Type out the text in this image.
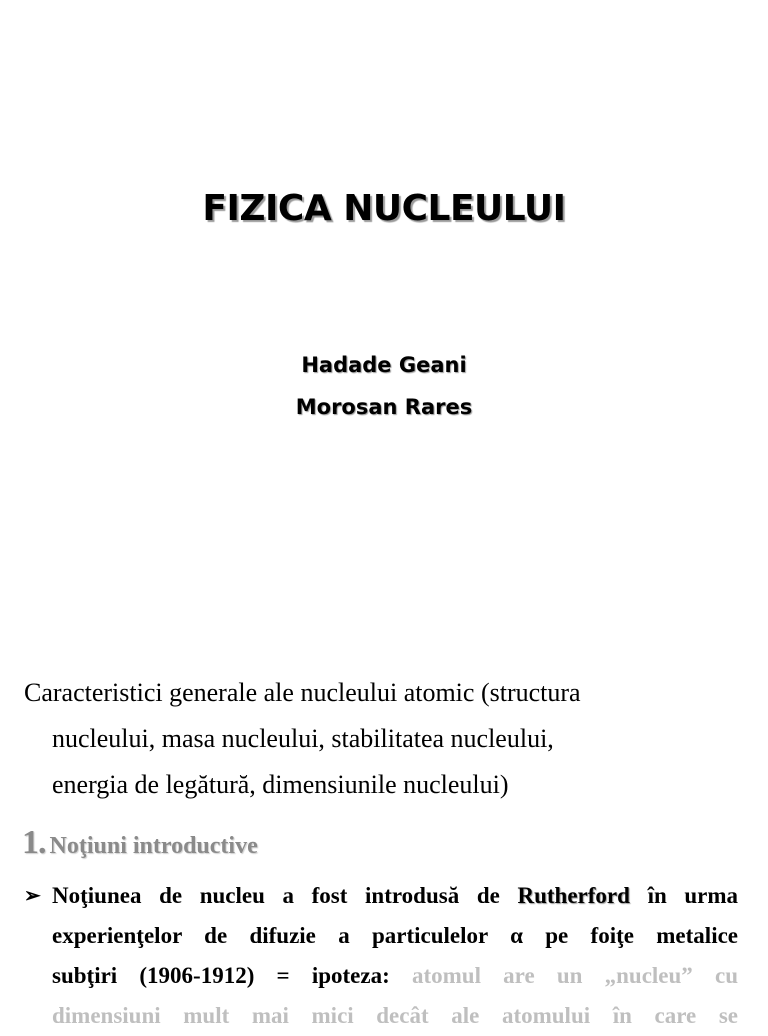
FIZICA NUCLEULUI
Hadade Geani
Morosan Rares
Caracteristici generale ale nucleului atomic (structura
nucleului, masa nucleului, stabilitatea nucleului,
energia de legătură, dimensiunile nucleului)
1. Noţiuni introductive
➢ Noţiunea de nucleu a fost introdusă de Rutherford în urma
experienţelor de difuzie a particulelor α pe foiţe metalice
subţiri (1906-1912) = ipoteza: atomul are un „nucleu” cu
dimensiuni mult mai mici decât ale atomului în care se
